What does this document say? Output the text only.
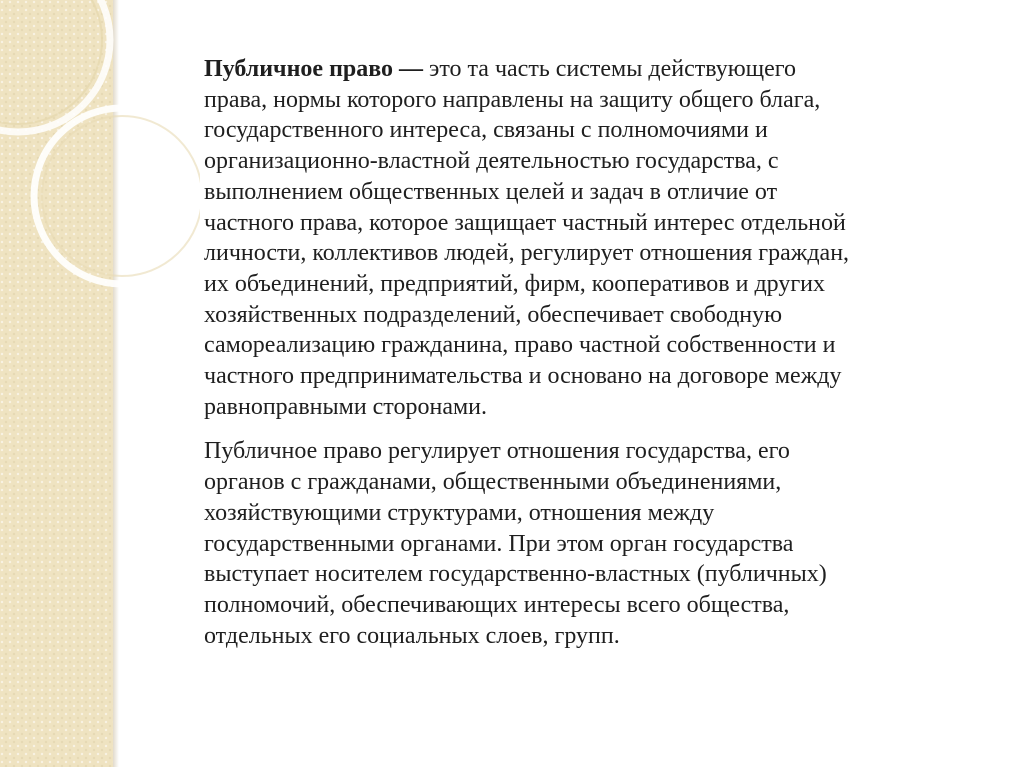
Публичное право — это та часть системы действующего
права, нормы которого направлены на защиту общего блага,
государственного интереса, связаны с полномочиями и
организационно-властной деятельностью государства, с
выполнением общественных целей и задач в отличие от
частного права, которое защищает частный интерес отдельной
личности, коллективов людей, регулирует отношения граждан,
их объединений, предприятий, фирм, кооперативов и других
хозяйственных подразделений, обеспечивает свободную
самореализацию гражданина, право частной собственности и
частного предпринимательства и основано на договоре между
равноправными сторонами.

Публичное право регулирует отношения государства, его
органов с гражданами, общественными объединениями,
хозяйствующими структурами, отношения между
государственными органами. При этом орган государства
выступает носителем государственно-властных (публичных)
полномочий, обеспечивающих интересы всего общества,
отдельных его социальных слоев, групп.
